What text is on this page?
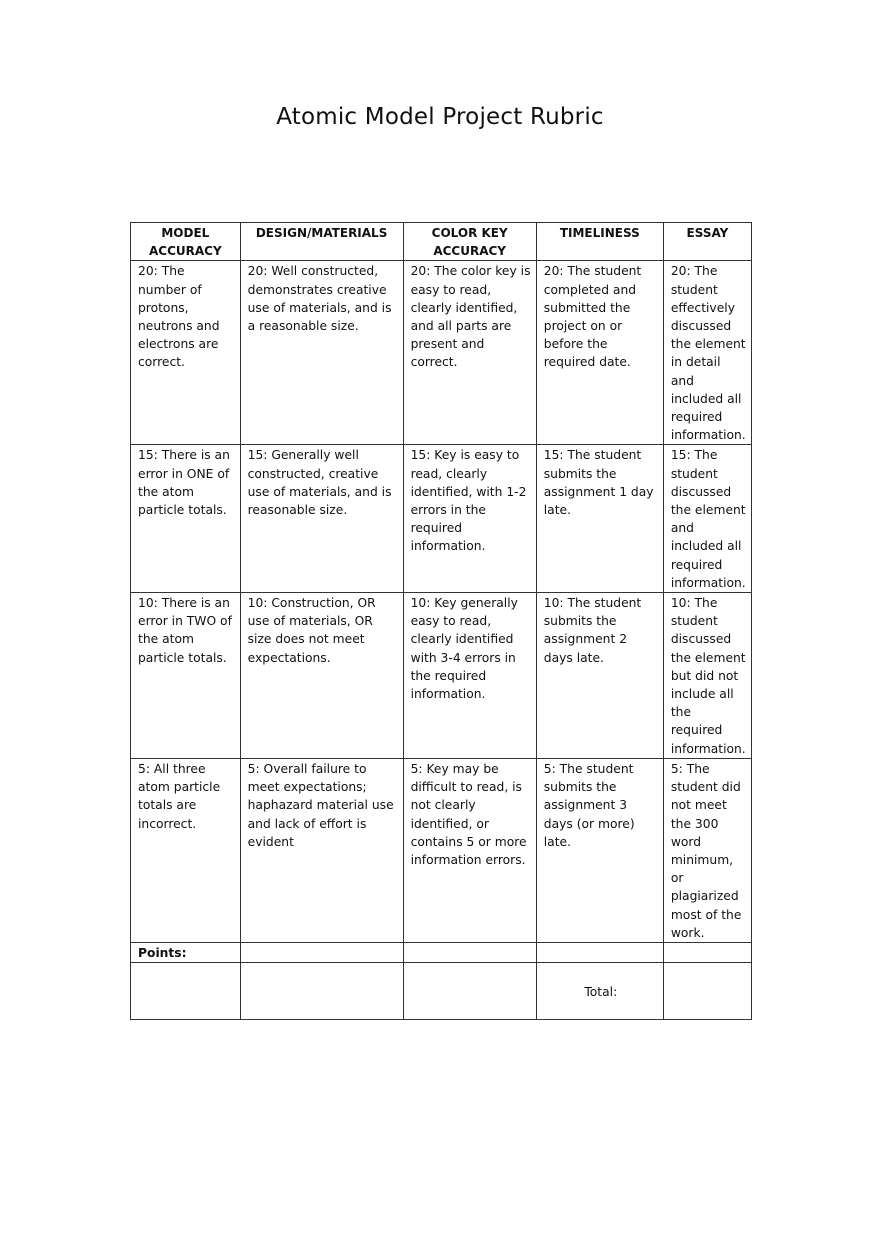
Atomic Model Project Rubric
MODEL ACCURACY	DESIGN/MATERIALS	COLOR KEY ACCURACY	TIMELINESS	ESSAY
20: The number of protons, neutrons and electrons are correct.	20: Well constructed, demonstrates creative use of materials, and is a reasonable size.	20: The color key is easy to read, clearly identified, and all parts are present and correct.	20: The student completed and submitted the project on or before the required date.	20: The student effectively discussed the element in detail and included all required information.
15: There is an error in ONE of the atom particle totals.	15: Generally well constructed, creative use of materials, and is reasonable size.	15: Key is easy to read, clearly identified, with 1-2 errors in the required information.	15: The student submits the assignment 1 day late.	15: The student discussed the element and included all required information.
10: There is an error in TWO of the atom particle totals.	10: Construction, OR use of materials, OR size does not meet expectations.	10: Key generally easy to read, clearly identified with 3-4 errors in the required information.	10: The student submits the assignment 2 days late.	10: The student discussed the element but did not include all the required information.
5: All three atom particle totals are incorrect.	5: Overall failure to meet expectations; haphazard material use and lack of effort is evident	5: Key may be difficult to read, is not clearly identified, or contains 5 or more information errors.	5: The student submits the assignment 3 days (or more) late.	5: The student did not meet the 300 word minimum, or plagiarized most of the work.
Points:				
			Total:	
